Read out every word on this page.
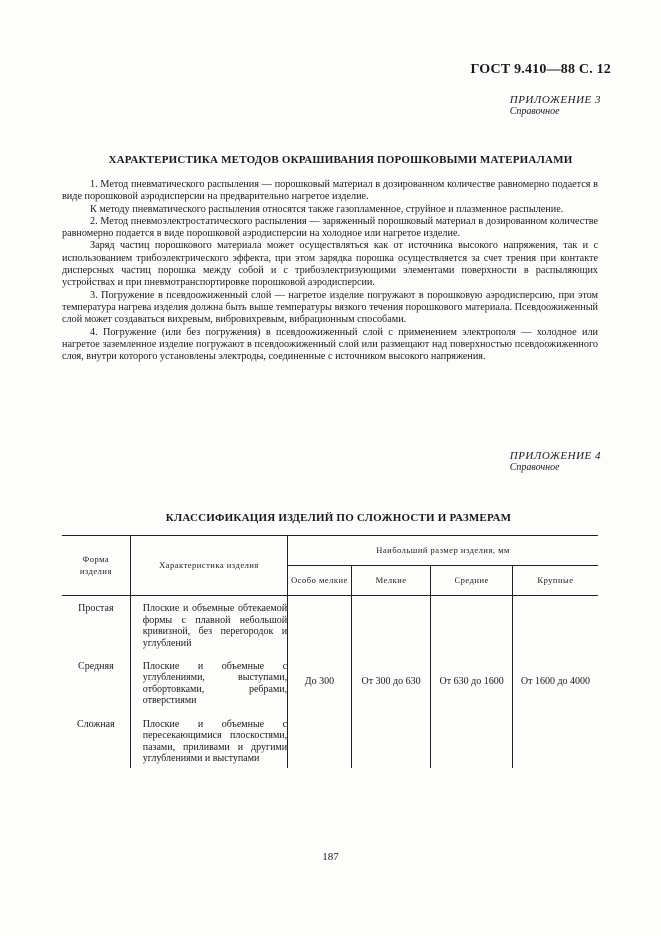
ГОСТ 9.410—88 С. 12
ПРИЛОЖЕНИЕ 3
Справочное
ХАРАКТЕРИСТИКА МЕТОДОВ ОКРАШИВАНИЯ ПОРОШКОВЫМИ МАТЕРИАЛАМИ

1. Метод пневматического распыления — порошковый материал в дозированном количестве равномерно подается в виде порошковой аэродисперсии на предварительно нагретое изделие.

К методу пневматического распыления относятся также газопламенное, струйное и плазменное распыление.

2. Метод пневмоэлектростатического распыления — заряженный порошковый материал в дозированном количестве равномерно подается в виде порошковой аэродисперсии на холодное или нагретое изделие.

Заряд частиц порошкового материала может осуществляться как от источника высокого напряжения, так и с использованием трибоэлектрического эффекта, при этом зарядка порошка осуществляется за счет трения при контакте дисперсных частиц порошка между собой и с трибоэлектризующими элементами поверхности в распыляющих устройствах и при пневмотранспортировке порошковой аэродисперсии.

3. Погружение в псевдоожиженный слой — нагретое изделие погружают в порошковую аэродисперсию, при этом температура нагрева изделия должна быть выше температуры вязкого течения порошкового материала. Псевдоожиженный слой может создаваться вихревым, вибровихревым, вибрационным способами.

4. Погружение (или без погружения) в псевдоожиженный слой с применением электрополя — холодное или нагретое заземленное изделие погружают в псевдоожиженный слой или размещают над поверхностью псевдоожиженного слоя, внутри которого установлены электроды, соединенные с источником высокого напряжения.

ПРИЛОЖЕНИЕ 4
Справочное
КЛАССИФИКАЦИЯ ИЗДЕЛИЙ ПО СЛОЖНОСТИ И РАЗМЕРАМ
Форма изделия	Характеристика изделия	Наибольший размер изделия, мм			
		Особо мелкие	Мелкие	Средние	Крупные
Простая	Плоские и объемные обтекаемой формы с плавной небольшой кривизной, без перегородок и углублений	До 300	От 300 до 630	От 630 до 1600	От 1600 до 4000
Средняя	Плоские и объемные с углублениями, выступами, отбортовками, ребрами, отверстиями				
Сложная	Плоские и объемные с пересекающимися плоскостями, пазами, приливами и другими углублениями и выступами				
187
